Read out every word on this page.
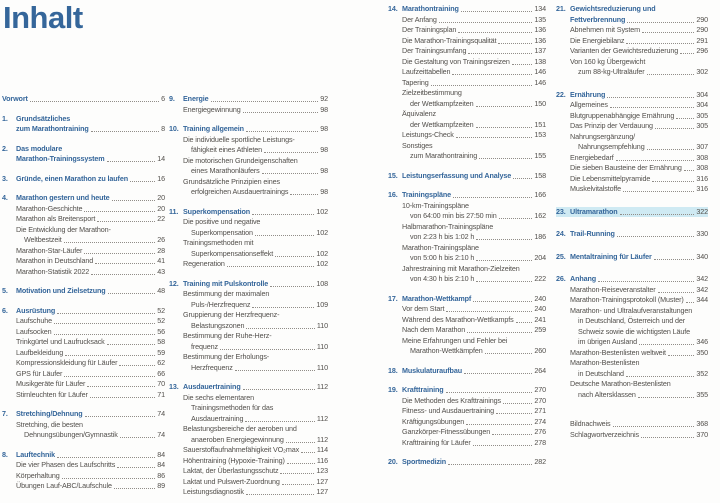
Inhalt
Vorwort	6
1.	Grundsätzliches
zum Marathontraining	8
2.	Das modulare
Marathon-Trainingssystem	14
3.	Gründe, einen Marathon zu laufen	16
4.	Marathon gestern und heute	20
Marathon-Geschichte	20
Marathon als Breitensport	22
Die Entwicklung der Marathon-
Weltbestzeit	26
Marathon-Star-Läufer	28
Marathon in Deutschland	41
Marathon-Statistik 2022	43
5.	Motivation und Zielsetzung	48
6.	Ausrüstung	52
Laufschuhe	52
Laufsocken	56
Trinkgürtel und Laufrucksack	58
Laufbekleidung	59
Kompressionskleidung für Läufer	62
GPS für Läufer	66
Musikgeräte für Läufer	70
Stirnleuchten für Läufer	71
7.	Stretching/Dehnung	74
Stretching, die besten
Dehnungsübungen/Gymnastik	74
8.	Lauftechnik	84
Die vier Phasen des Laufschritts	84
Körperhaltung	86
Übungen Lauf-ABC/Laufschule	89
9.	Energie	92
Energiegewinnung	98
10. Training allgemein	98
Die individuelle sportliche Leistungs-
fähigkeit eines Athleten	98
Die motorischen Grundeigenschaften
eines Marathonläufers	98
Grundsätzliche Prinzipien eines
erfolgreichen Ausdauertrainings	98
11. Superkompensation	102
Die positive und negative
Superkompensation	102
Trainingsmethoden mit
Superkompensationseffekt	102
Regeneration	102
12. Training mit Pulskontrolle	108
Bestimmung der maximalen
Puls-/Herzfrequenz	109
Gruppierung der Herzfrequenz-
Belastungszonen	110
Bestimmung der Ruhe-Herz-
frequenz	110
Bestimmung der Erholungs-
Herzfrequenz	110
13. Ausdauertraining	112
Die sechs elementaren
Trainingsmethoden für das
Ausdauertraining	112
Belastungsbereiche der aeroben und
anaeroben Energiegewinnung	112
Sauerstoffaufnahmefähigkeit VO₂max 114
Höhentraining (Hypoxie-Training)	116
Laktat, der Überlastungsschutz	123
Laktat und Pulswert-Zuordnung	127
Leistungsdiagnostik	127
14. Marathontraining	134
Der Anfang	135
Der Trainingsplan	136
Die Marathon-Trainingsqualität	136
Der Trainingsumfang	137
Die Gestaltung von Trainingsreizen	138
Laufzeittabellen	146
Tapering	146
Zielzeitbestimmung
der Wettkampfzeiten	150
Äquivalenz
der Wettkampfzeiten	151
Leistungs-Check	153
Sonstiges
zum Marathontraining	155
15. Leistungserfassung und Analyse	158
16. Trainingspläne	166
10-km-Trainingspläne
von 64:00 min bis 27:50 min	162
Halbmarathon-Trainingspläne
von 2:23 h bis 1:02 h	186
Marathon-Trainingspläne
von 5:00 h bis 2:10 h	204
Jahrestraining mit Marathon-Zielzeiten
von 4:30 h bis 2:10 h	222
17. Marathon-Wettkampf	240
Vor dem Start	240
Während des Marathon-Wettkampfs	241
Nach dem Marathon	259
Meine Erfahrungen und Fehler bei
Marathon-Wettkämpfen	260
18. Muskulaturaufbau	264
19. Krafttraining	270
Die Methoden des Krafttrainings	270
Fitness- und Ausdauertraining	271
Kräftigungsübungen	274
Ganzkörper-Fitnessübungen	276
Krafttraining für Läufer	278
20. Sportmedizin	282
21. Gewichtsreduzierung und
Fettverbrennung	290
Abnehmen mit System	290
Die Energiebilanz	291
Varianten der Gewichtsreduzierung	296
Von 160 kg Übergewicht
zum 88-kg-Ultraläufer	302
22. Ernährung	304
Allgemeines	304
Blutgruppenabhängige Ernährung	305
Das Prinzip der Verdauung	305
Nahrungsergänzung/
Nahrungsempfehlung	307
Energiebedarf	308
Die sieben Bausteine der Ernährung 308
Die Lebensmittelpyramide	316
Muskelvitalstoffe	316
23. Ultramarathon	322
24. Trail-Running	330
25. Mentaltraining für Läufer	340
26. Anhang	342
Marathon-Reiseveranstalter	342
Marathon-Trainingsprotokoll (Muster) 344
Marathon- und Ultralaufveranstaltungen
in Deutschland, Österreich und der
Schweiz sowie die wichtigsten Läufe
im übrigen Ausland	346
Marathon-Bestenlisten weltweit	350
Marathon-Bestenlisten
in Deutschland	352
Deutsche Marathon-Bestenlisten
nach Altersklassen	355
Bildnachweis	368
Schlagwortverzeichnis	370
